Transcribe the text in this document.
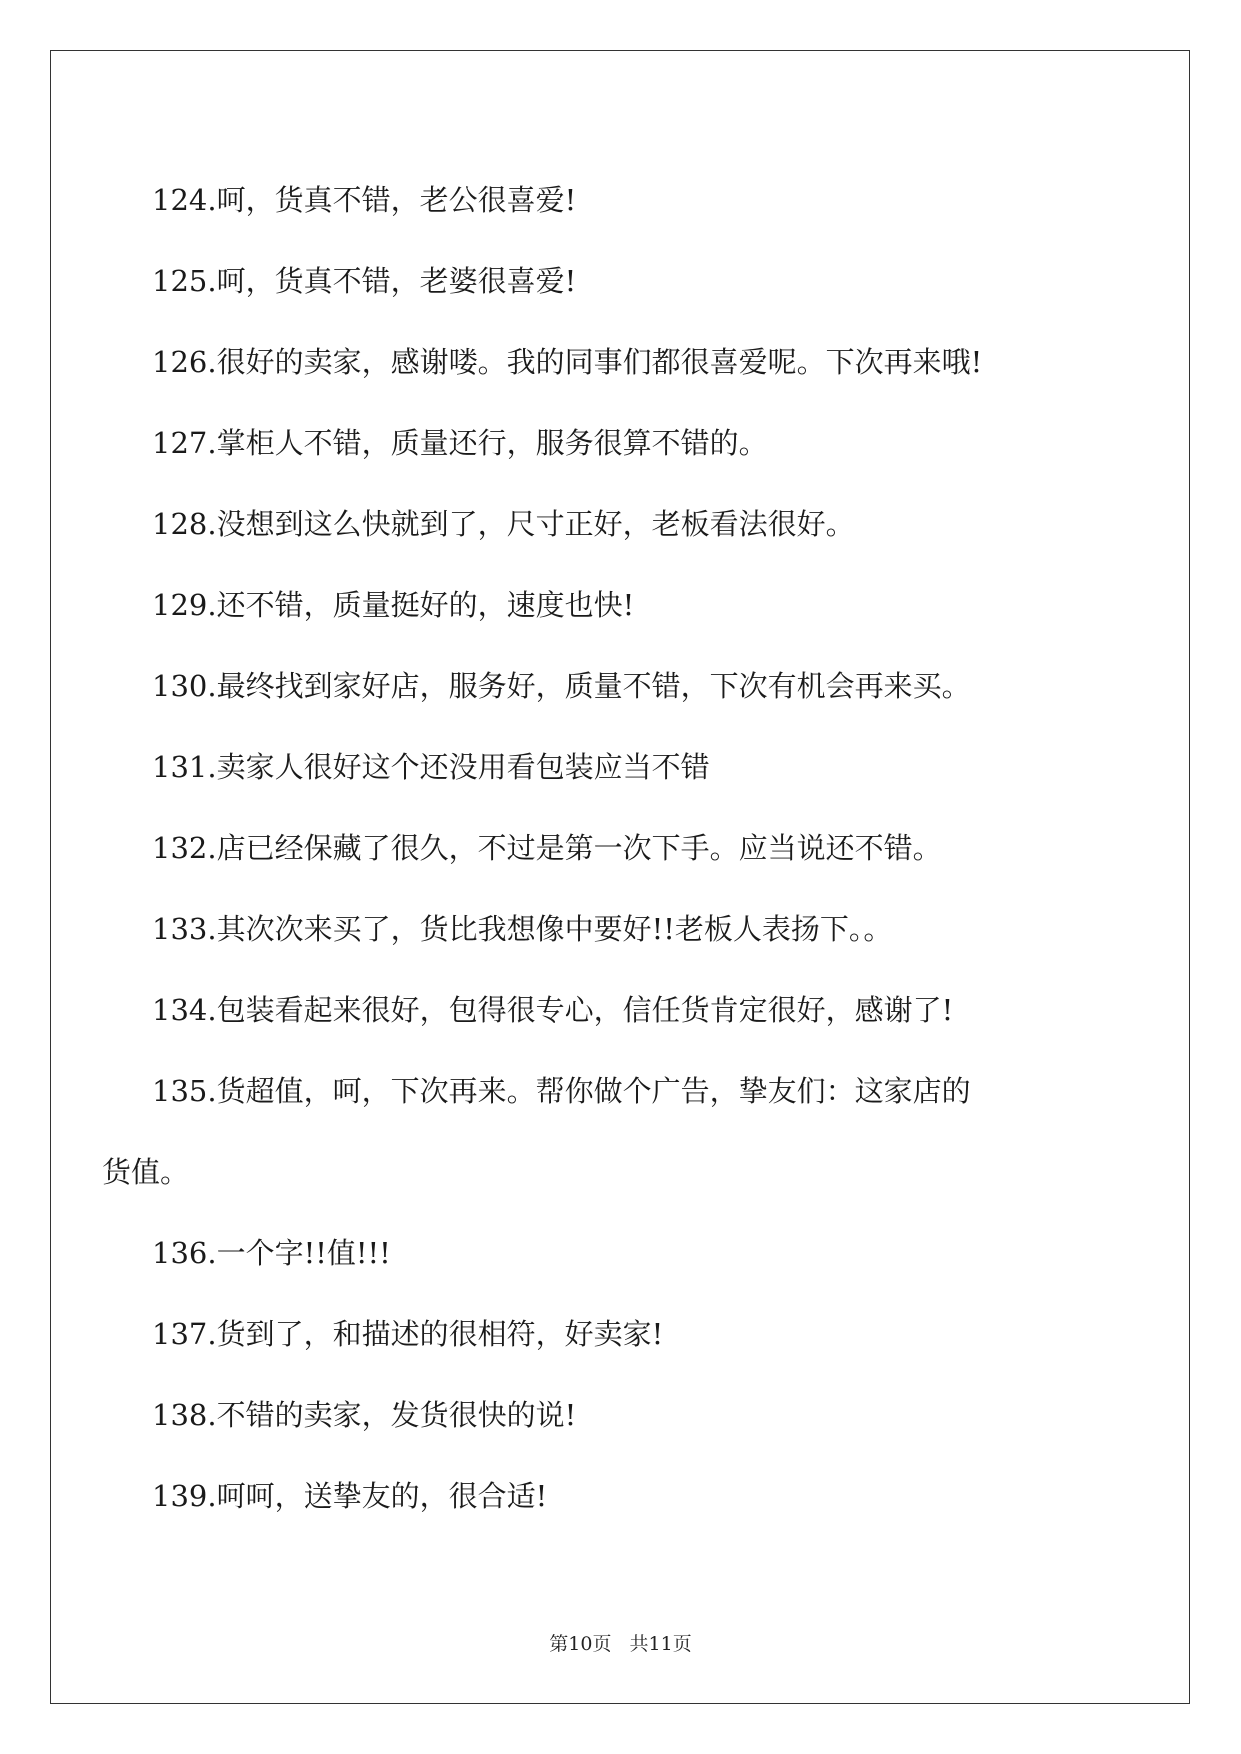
124.呵，货真不错，老公很喜爱!

125.呵，货真不错，老婆很喜爱!

126.很好的卖家，感谢喽。我的同事们都很喜爱呢。下次再来哦!

127.掌柜人不错，质量还行，服务很算不错的。

128.没想到这么快就到了，尺寸正好，老板看法很好。

129.还不错，质量挺好的，速度也快!

130.最终找到家好店，服务好，质量不错，下次有机会再来买。

131.卖家人很好这个还没用看包装应当不错

132.店已经保藏了很久，不过是第一次下手。应当说还不错。

133.其次次来买了，货比我想像中要好!!老板人表扬下。。

134.包装看起来很好，包得很专心，信任货肯定很好，感谢了!

135.货超值，呵，下次再来。帮你做个广告，挚友们：这家店的

货值。

136.一个字!!值!!!

137.货到了，和描述的很相符，好卖家!

138.不错的卖家，发货很快的说!

139.呵呵，送挚友的，很合适!

第10页 共11页
